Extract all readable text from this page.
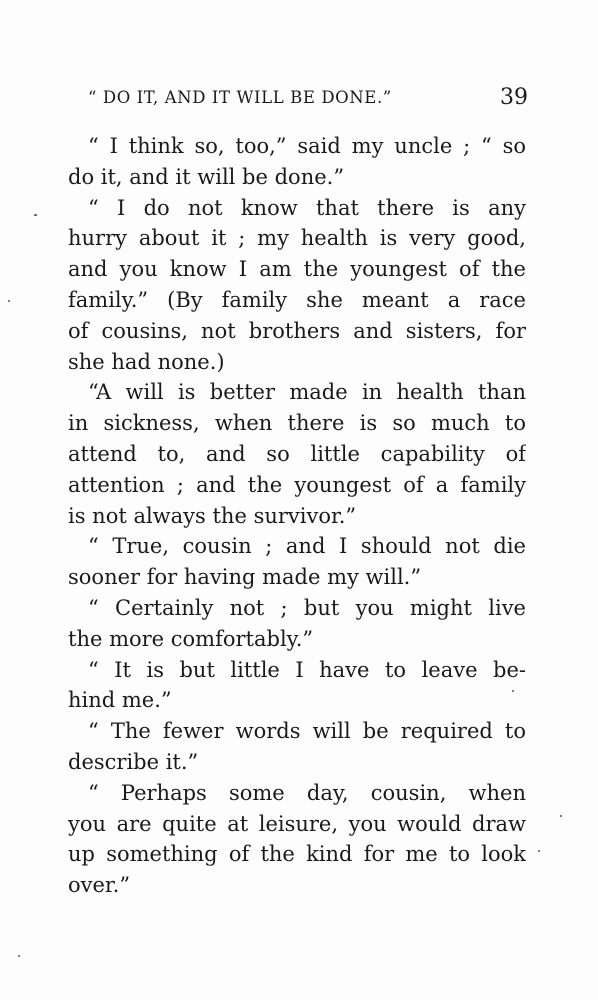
“ DO IT, AND IT WILL BE DONE.”	39
“ I think so, too,” said my uncle ; “ so
do it, and it will be done.”
“ I do not know that there is any
hurry about it ; my health is very good,
and you know I am the youngest of the
family.” (By family she meant a race
of cousins, not brothers and sisters, for
she had none.)
“A will is better made in health than
in sickness, when there is so much to
attend to, and so little capability of
attention ; and the youngest of a family
is not always the survivor.”
“ True, cousin ; and I should not die
sooner for having made my will.”
“ Certainly not ; but you might live
the more comfortably.”
“ It is but little I have to leave be-
hind me.”
“ The fewer words will be required to
describe it.”
“ Perhaps some day, cousin, when
you are quite at leisure, you would draw
up something of the kind for me to look
over.”
